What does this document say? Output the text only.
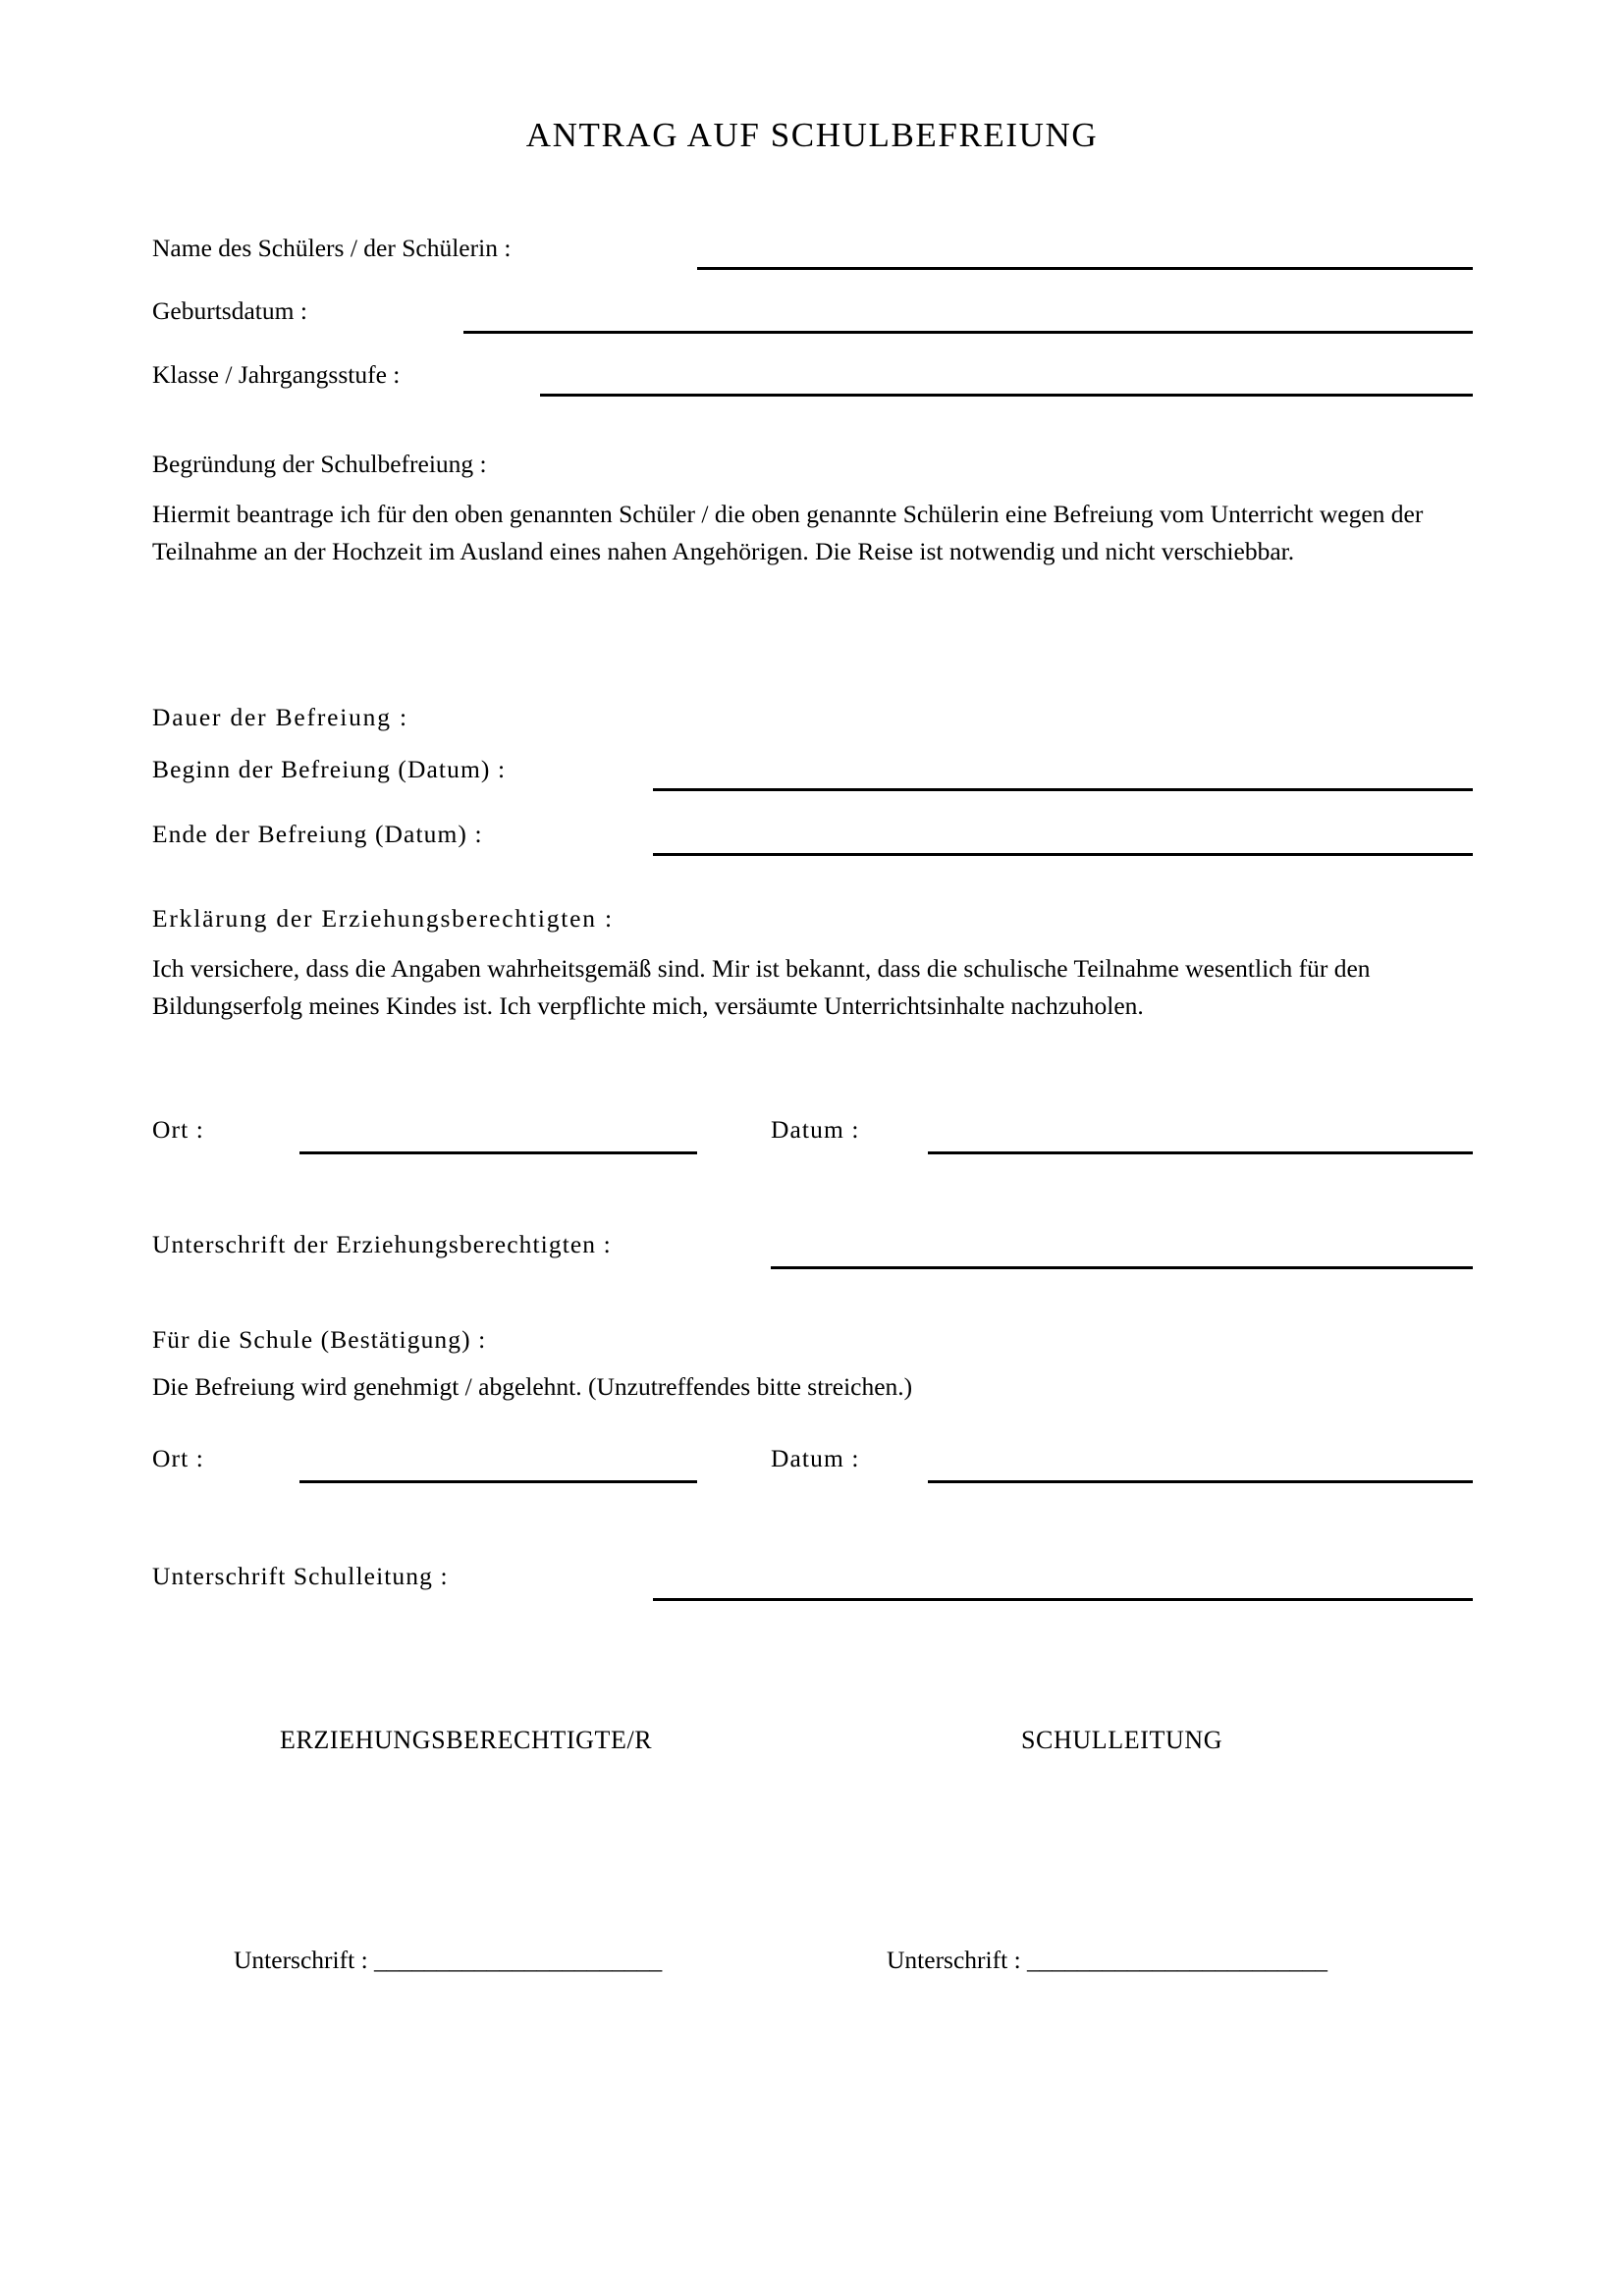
ANTRAG AUF SCHULBEFREIUNG
Name des Schülers / der Schülerin :
Geburtsdatum :
Klasse / Jahrgangsstufe :
Begründung der Schulbefreiung :
Hiermit beantrage ich für den oben genannten Schüler / die oben genannte Schülerin eine Befreiung vom Unterricht wegen der Teilnahme an der Hochzeit im Ausland eines nahen Angehörigen. Die Reise ist notwendig und nicht verschiebbar.
Dauer der Befreiung :
Beginn der Befreiung (Datum) :
Ende der Befreiung (Datum) :
Erklärung der Erziehungsberechtigten :
Ich versichere, dass die Angaben wahrheitsgemäß sind. Mir ist bekannt, dass die schulische Teilnahme wesentlich für den Bildungserfolg meines Kindes ist. Ich verpflichte mich, versäumte Unterrichtsinhalte nachzuholen.
Ort :	Datum :
Unterschrift der Erziehungsberechtigten :
Für die Schule (Bestätigung) :
Die Befreiung wird genehmigt / abgelehnt. (Unzutreffendes bitte streichen.)
Ort :	Datum :
Unterschrift Schulleitung :
ERZIEHUNGSBERECHTIGTE/R	SCHULLEITUNG
Unterschrift : _______________________	Unterschrift : ________________________
